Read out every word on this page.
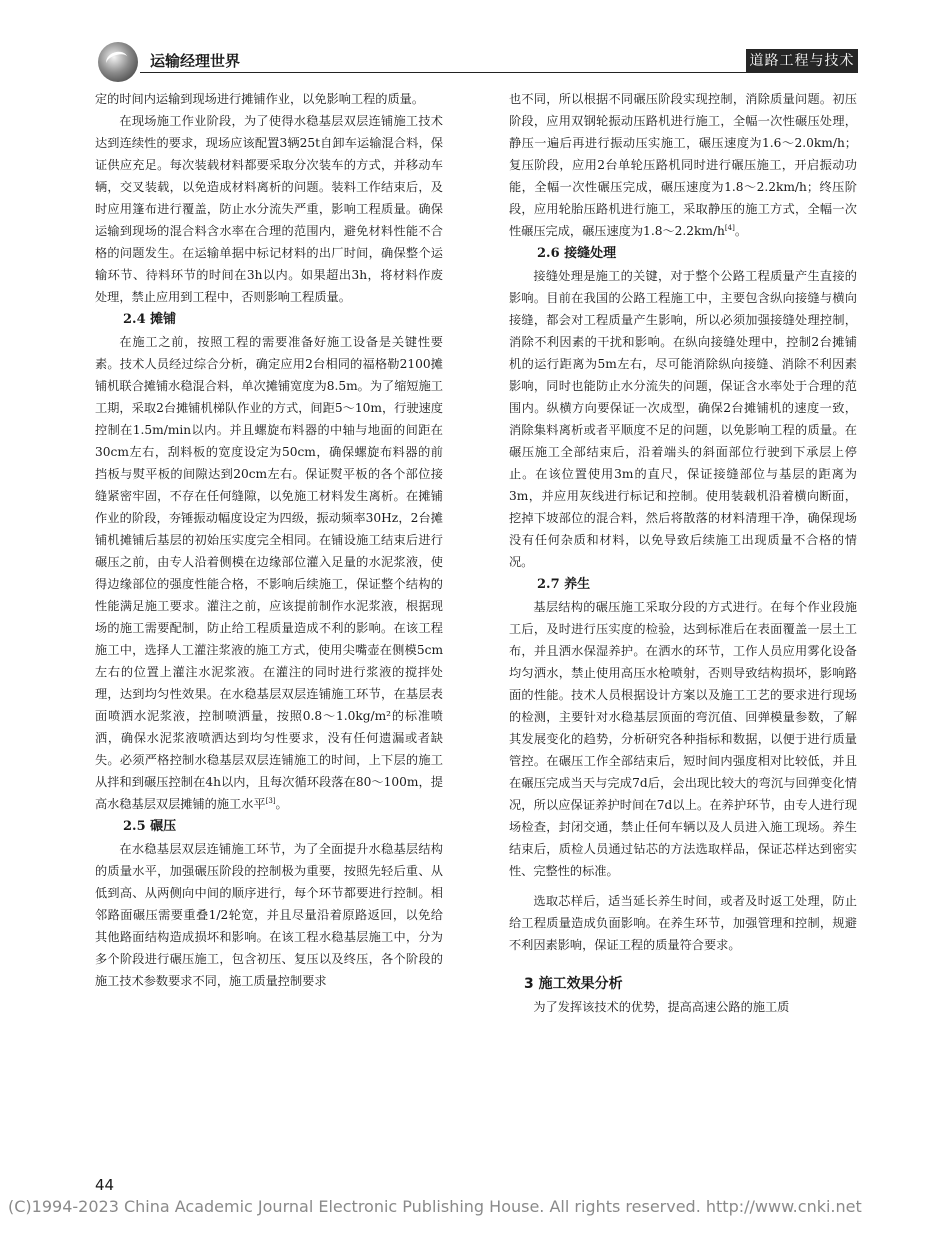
运输经理世界	道路工程与技术

定的时间内运输到现场进行摊铺作业，以免影响工程的质量。

在现场施工作业阶段，为了使得水稳基层双层连铺施工技术达到连续性的要求，现场应该配置3辆25t自卸车运输混合料，保证供应充足。每次装载材料都要采取分次装车的方式，并移动车辆，交叉装载，以免造成材料离析的问题。装料工作结束后，及时应用篷布进行覆盖，防止水分流失严重，影响工程质量。确保运输到现场的混合料含水率在合理的范围内，避免材料性能不合格的问题发生。在运输单据中标记材料的出厂时间，确保整个运输环节、待料环节的时间在3h以内。如果超出3h，将材料作废处理，禁止应用到工程中，否则影响工程质量。

2.4 摊铺

在施工之前，按照工程的需要准备好施工设备是关键性要素。技术人员经过综合分析，确定应用2台相同的福格勒2100摊铺机联合摊铺水稳混合料，单次摊铺宽度为8.5m。为了缩短施工工期，采取2台摊铺机梯队作业的方式，间距5～10m，行驶速度控制在1.5m/min以内。并且螺旋布料器的中轴与地面的间距在30cm左右，刮料板的宽度设定为50cm，确保螺旋布料器的前挡板与熨平板的间隙达到20cm左右。保证熨平板的各个部位接缝紧密牢固，不存在任何缝隙，以免施工材料发生离析。在摊铺作业的阶段，夯锤振动幅度设定为四级，振动频率30Hz，2台摊铺机摊铺后基层的初始压实度完全相同。在铺设施工结束后进行碾压之前，由专人沿着侧模在边缘部位灌入足量的水泥浆液，使得边缘部位的强度性能合格，不影响后续施工，保证整个结构的性能满足施工要求。灌注之前，应该提前制作水泥浆液，根据现场的施工需要配制，防止给工程质量造成不利的影响。在该工程施工中，选择人工灌注浆液的施工方式，使用尖嘴壶在侧模5cm左右的位置上灌注水泥浆液。在灌注的同时进行浆液的搅拌处理，达到均匀性效果。在水稳基层双层连铺施工环节，在基层表面喷洒水泥浆液，控制喷洒量，按照0.8～1.0kg/m²的标准喷洒，确保水泥浆液喷洒达到均匀性要求，没有任何遗漏或者缺失。必须严格控制水稳基层双层连铺施工的时间，上下层的施工从拌和到碾压控制在4h以内，且每次循环段落在80～100m，提高水稳基层双层摊铺的施工水平[3]。

2.5 碾压

在水稳基层双层连铺施工环节，为了全面提升水稳基层结构的质量水平，加强碾压阶段的控制极为重要，按照先轻后重、从低到高、从两侧向中间的顺序进行，每个环节都要进行控制。相邻路面碾压需要重叠1/2轮宽，并且尽量沿着原路返回，以免给其他路面结构造成损坏和影响。在该工程水稳基层施工中，分为多个阶段进行碾压施工，包含初压、复压以及终压，各个阶段的施工技术参数要求不同，施工质量控制要求

也不同，所以根据不同碾压阶段实现控制，消除质量问题。初压阶段，应用双钢轮振动压路机进行施工，全幅一次性碾压处理，静压一遍后再进行振动压实施工，碾压速度为1.6～2.0km/h；复压阶段，应用2台单轮压路机同时进行碾压施工，开启振动功能，全幅一次性碾压完成，碾压速度为1.8～2.2km/h；终压阶段，应用轮胎压路机进行施工，采取静压的施工方式，全幅一次性碾压完成，碾压速度为1.8～2.2km/h[4]。

2.6 接缝处理

接缝处理是施工的关键，对于整个公路工程质量产生直接的影响。目前在我国的公路工程施工中，主要包含纵向接缝与横向接缝，都会对工程质量产生影响，所以必须加强接缝处理控制，消除不利因素的干扰和影响。在纵向接缝处理中，控制2台摊铺机的运行距离为5m左右，尽可能消除纵向接缝、消除不利因素影响，同时也能防止水分流失的问题，保证含水率处于合理的范围内。纵横方向要保证一次成型，确保2台摊铺机的速度一致，消除集料离析或者平顺度不足的问题，以免影响工程的质量。在碾压施工全部结束后，沿着端头的斜面部位行驶到下承层上停止。在该位置使用3m的直尺，保证接缝部位与基层的距离为3m，并应用灰线进行标记和控制。使用装载机沿着横向断面，挖掉下坡部位的混合料，然后将散落的材料清理干净，确保现场没有任何杂质和材料，以免导致后续施工出现质量不合格的情况。

2.7 养生

基层结构的碾压施工采取分段的方式进行。在每个作业段施工后，及时进行压实度的检验，达到标准后在表面覆盖一层土工布，并且洒水保湿养护。在洒水的环节，工作人员应用雾化设备均匀洒水，禁止使用高压水枪喷射，否则导致结构损坏，影响路面的性能。技术人员根据设计方案以及施工工艺的要求进行现场的检测，主要针对水稳基层顶面的弯沉值、回弹模量参数，了解其发展变化的趋势，分析研究各种指标和数据，以便于进行质量管控。在碾压工作全部结束后，短时间内强度相对比较低，并且在碾压完成当天与完成7d后，会出现比较大的弯沉与回弹变化情况，所以应保证养护时间在7d以上。在养护环节，由专人进行现场检查，封闭交通，禁止任何车辆以及人员进入施工现场。养生结束后，质检人员通过钻芯的方法选取样品，保证芯样达到密实性、完整性的标准。

选取芯样后，适当延长养生时间，或者及时返工处理，防止给工程质量造成负面影响。在养生环节，加强管理和控制，规避不利因素影响，保证工程的质量符合要求。

3 施工效果分析

为了发挥该技术的优势，提高高速公路的施工质

44
(C)1994-2023 China Academic Journal Electronic Publishing House. All rights reserved. http://www.cnki.net
